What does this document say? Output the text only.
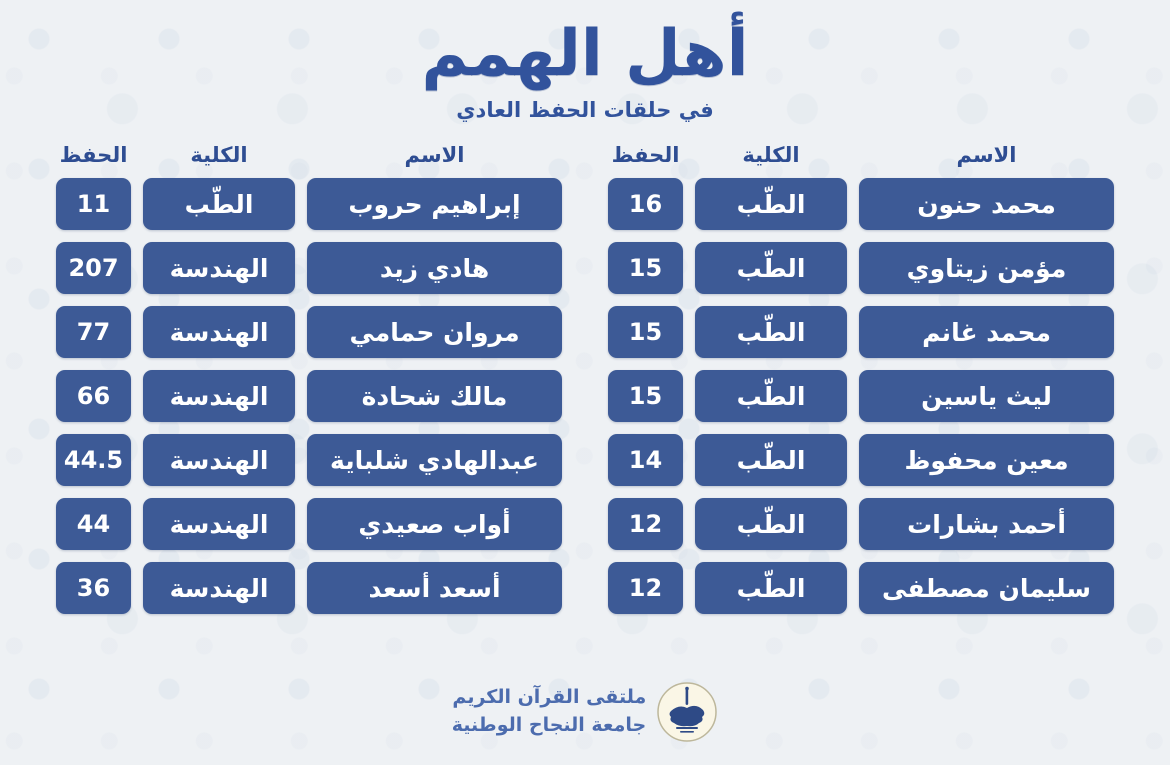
أهل الهمم
في حلقات الحفظ العادي
الاسم
الكلية
الحفظ
محمد حنون
الطّب
16
مؤمن زيتاوي
الطّب
15
محمد غانم
الطّب
15
ليث ياسين
الطّب
15
معين محفوظ
الطّب
14
أحمد بشارات
الطّب
12
سليمان مصطفى
الطّب
12
الاسم
الكلية
الحفظ
إبراهيم حروب
الطّب
11
هادي زيد
الهندسة
207
مروان حمامي
الهندسة
77
مالك شحادة
الهندسة
66
عبدالهادي شلباية
الهندسة
44.5
أواب صعيدي
الهندسة
44
أسعد أسعد
الهندسة
36
ملتقى القرآن الكريم
جامعة النجاح الوطنية
